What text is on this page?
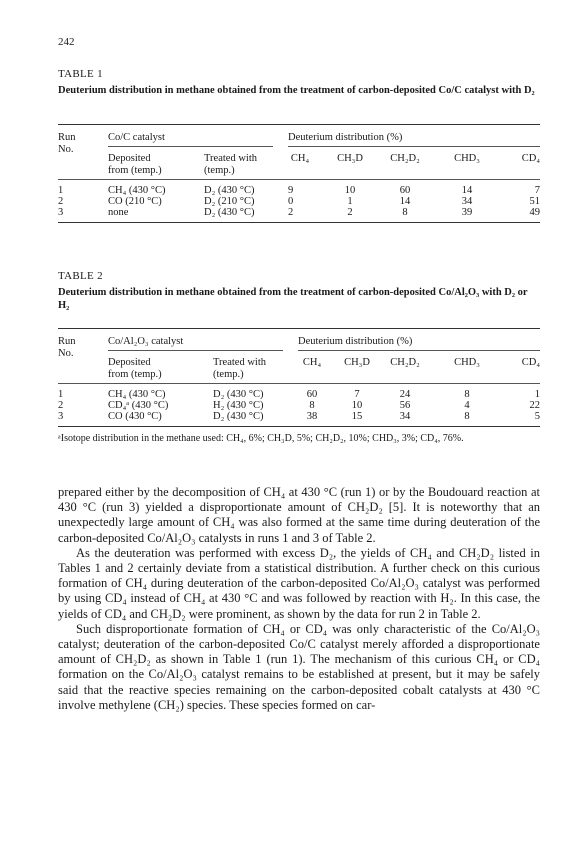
242
TABLE 1
Deuterium distribution in methane obtained from the treatment of carbon-deposited Co/C catalyst with D₂
Run
No.
Co/C catalyst	Deuterium distribution (%)
Deposited
from (temp.)
Treated with
(temp.)
CH₄	CH₃D	CH₂D₂	CHD₃	CD₄
1	CH₄ (430 °C)	D₂ (430 °C)	9	10	60	14	7
2	CO (210 °C)	D₂ (210 °C)	0	1	14	34	51
3	none	D₂ (430 °C)	2	2	8	39	49
TABLE 2
Deuterium distribution in methane obtained from the treatment of carbon-deposited Co/Al₂O₃ with D₂ or H₂
Run
No.
Co/Al₂O₃ catalyst	Deuterium distribution (%)
Deposited
from (temp.)
Treated with
(temp.)
CH₄	CH₃D	CH₂D₂	CHD₃	CD₄
1	CH₄ (430 °C)	D₂ (430 °C)	60	7	24	8	1
2	CD₄ᵃ (430 °C)	H₂ (430 °C)	8	10	56	4	22
3	CO (430 °C)	D₂ (430 °C)	38	15	34	8	5
ᵃIsotope distribution in the methane used: CH₄, 6%; CH₃D, 5%; CH₂D₂, 10%; CHD₃, 3%; CD₄, 76%.

prepared either by the decomposition of CH₄ at 430 °C (run 1) or by the Boudouard reaction at 430 °C (run 3) yielded a disproportionate amount of CH₂D₂ [5]. It is noteworthy that an unexpectedly large amount of CH₄ was also formed at the same time during deuteration of the carbon-deposited Co/Al₂O₃ catalysts in runs 1 and 3 of Table 2.

As the deuteration was performed with excess D₂, the yields of CH₄ and CH₂D₂ listed in Tables 1 and 2 certainly deviate from a statistical distribution. A further check on this curious formation of CH₄ during deuteration of the carbon-deposited Co/Al₂O₃ catalyst was performed by using CD₄ instead of CH₄ at 430 °C and was followed by reaction with H₂. In this case, the yields of CD₄ and CH₂D₂ were prominent, as shown by the data for run 2 in Table 2.

Such disproportionate formation of CH₄ or CD₄ was only characteristic of the Co/Al₂O₃ catalyst; deuteration of the carbon-deposited Co/C catalyst merely afforded a disproportionate amount of CH₂D₂ as shown in Table 1 (run 1). The mechanism of this curious CH₄ or CD₄ formation on the Co/Al₂O₃ catalyst remains to be established at present, but it may be safely said that the reactive species remaining on the carbon-deposited cobalt catalysts at 430 °C involve methylene (CH₂) species. These species formed on car-
